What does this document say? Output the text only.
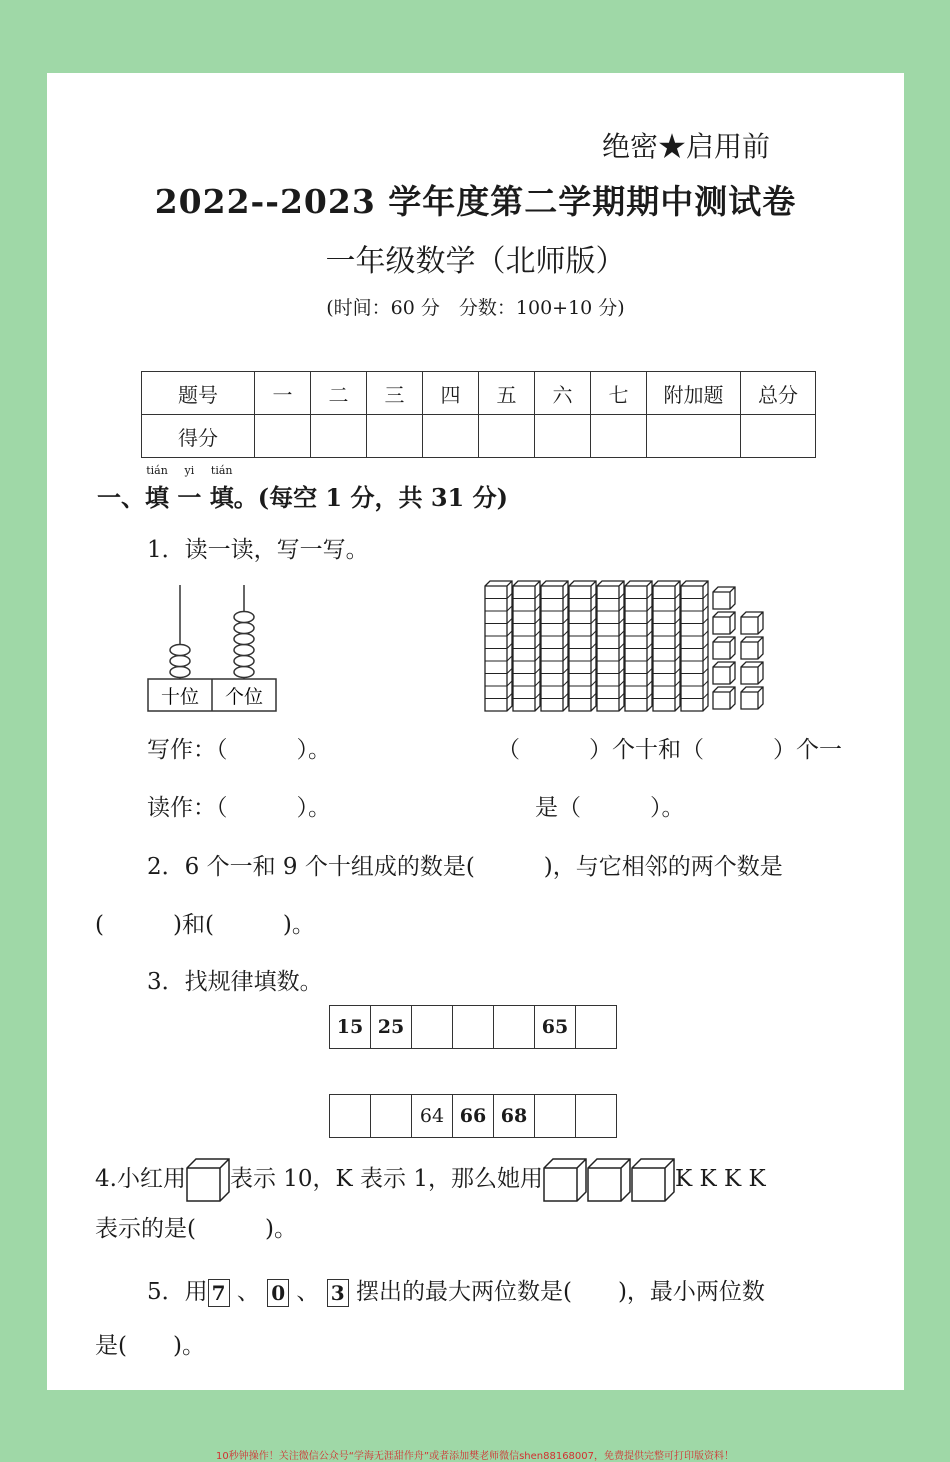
绝密★启用前
2022--2023 学年度第二学期期中测试卷
一年级数学（北师版）
(时间：60 分　分数：100+10 分)
题号	一	二	三	四	五	六	七	附加题	总分
得分									
一、
tián
填
yi
一
tián
填。(每空 1 分，共 31 分)
1．读一读，写一写。
十位 个位
写作：（　　　）。
读作：（　　　）。
（　　　）个十和（　　　）个一
是（　　　）。
2．6 个一和 9 个十组成的数是(　　　)，与它相邻的两个数是
(　　　)和(　　　)。
3．找规律填数。
15	25				65	
		64	66	68		
4.小红用 表示 10，K 表示 1，那么她用	K K K K
表示的是(　　　)。
5．用 7 、 0 、 3 摆出的最大两位数是(　　)，最小两位数
是(　　)。
10秒钟操作！关注微信公众号“学海无涯甜作舟”或者添加樊老师微信shen88168007，免费提供完整可打印版资料！
